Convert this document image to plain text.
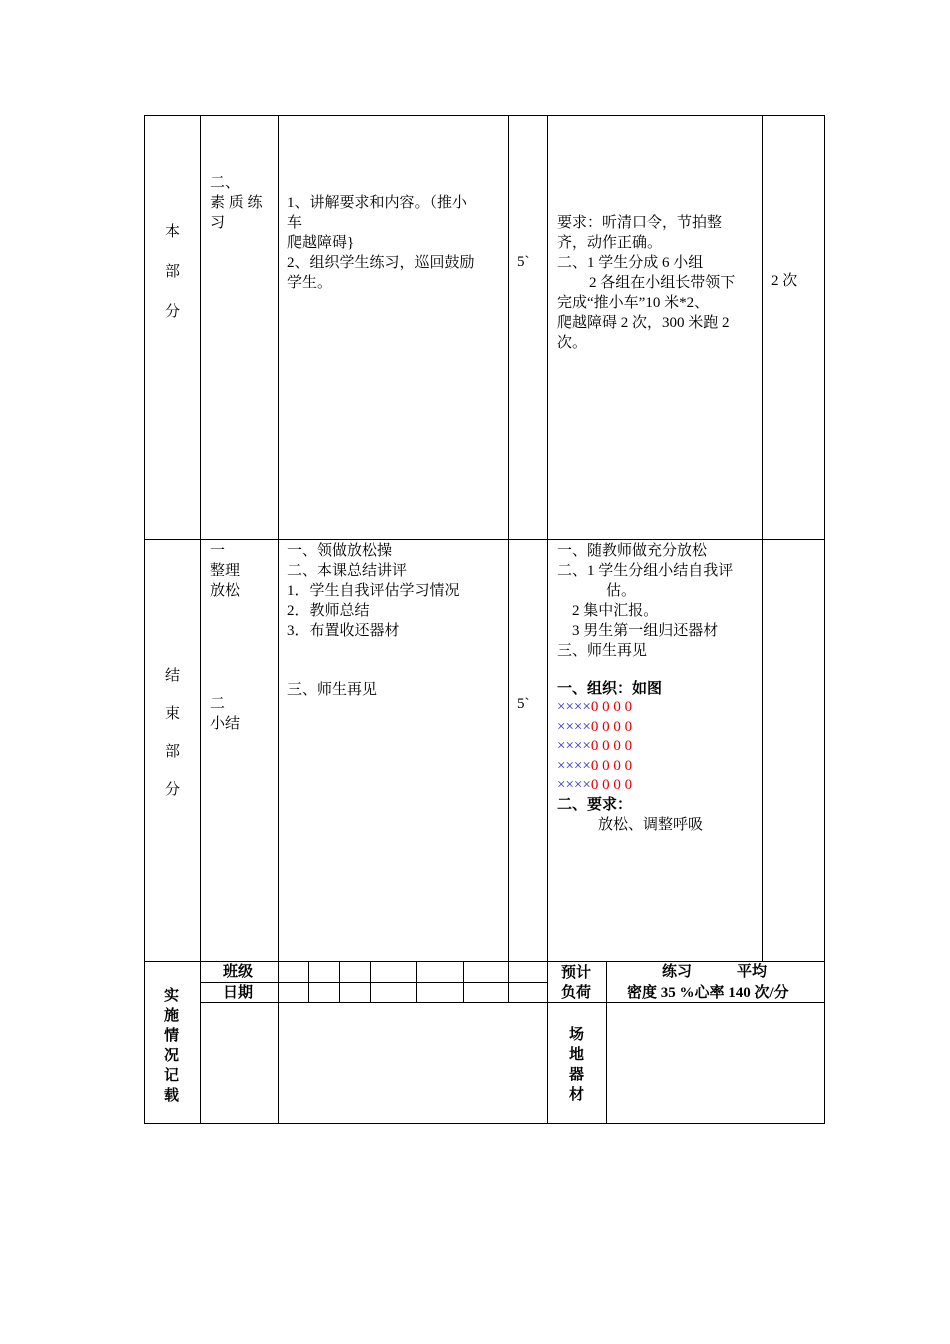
本
部
分
二、
素 质 练
习
1、讲解要求和内容。（推小
车
爬越障碍}
2、组织学生练习，巡回鼓励
学生。
5`
要求：听清口令，节拍整
齐，动作正确。
二、1 学生分成 6 小组
2 各组在小组长带领下
完成“推小车”10 米*2、
爬越障碍 2 次，300 米跑 2
次。
2 次
结
束
部
分
一
整理
放松
二
小结
一、领做放松操
二、本课总结讲评
1．学生自我评估学习情况
2．教师总结
3．布置收还器材
三、师生再见
5`
一、随教师做充分放松
二、1 学生分组小结自我评
估。
2 集中汇报。
3 男生第一组归还器材
三、师生再见
一、组织：如图
××××0 0 0 0
××××0 0 0 0
××××0 0 0 0
××××0 0 0 0
××××0 0 0 0
二、要求：
放松、调整呼吸
实
施
情
况
记
载
班级
日期
预计
负荷
练习　　　平均
密度 35 %心率 140 次/分
场
地
器
材
